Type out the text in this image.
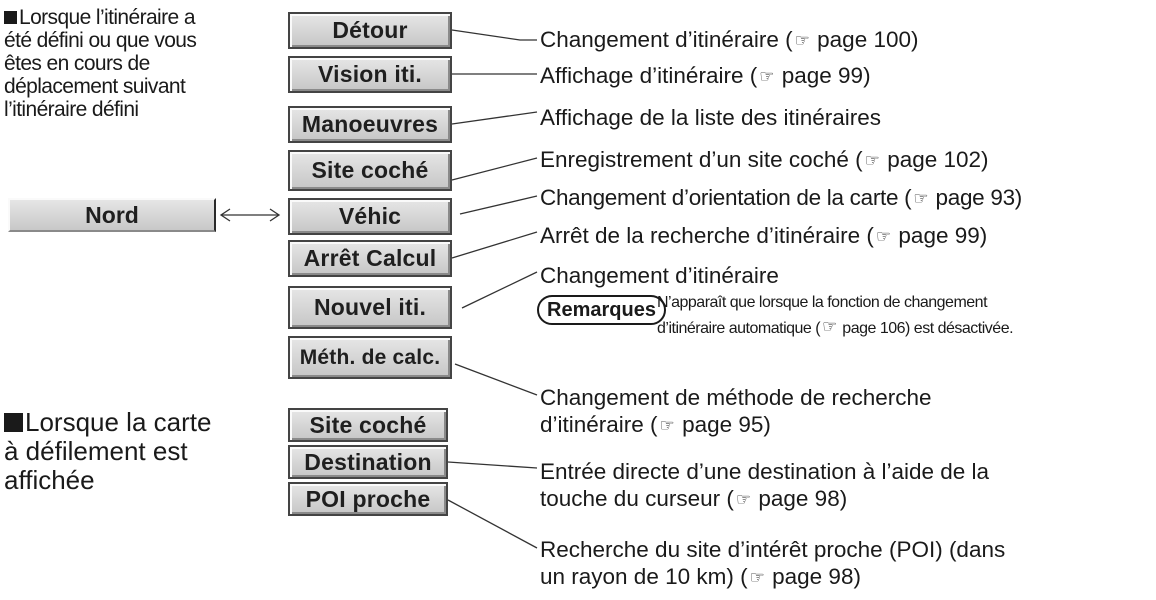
Lorsque l’itinéraire a
été défini ou que vous
êtes en cours de
déplacement suivant
l’itinéraire défini
Lorsque la carte
à défilement est
affichée
Nord
Détour
Vision iti.
Manoeuvres
Site coché
Véhic
Arrêt Calcul
Nouvel iti.
Méth. de calc.
Site coché
Destination
POI proche
Changement d’itinéraire ( ☞ page 100)
Affichage d’itinéraire ( ☞ page 99)
Affichage de la liste des itinéraires
Enregistrement d’un site coché ( ☞ page 102)
Changement d’orientation de la carte ( ☞ page 93)
Arrêt de la recherche d’itinéraire ( ☞ page 99)
Changement d’itinéraire
Remarques N’apparaît que lorsque la fonction de changement
d’itinéraire automatique ( ☞ page 106) est désactivée.
Changement de méthode de recherche
d’itinéraire ( ☞ page 95)
Entrée directe d’une destination à l’aide de la
touche du curseur ( ☞ page 98)
Recherche du site d’intérêt proche (POI) (dans
un rayon de 10 km) ( ☞ page 98)
